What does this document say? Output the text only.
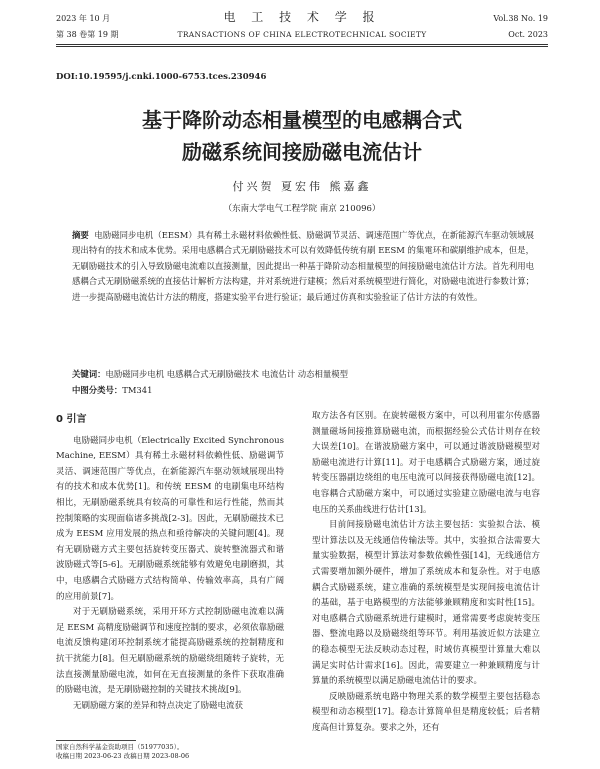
2023 年 10 月	电 工 技 术 学 报	Vol.38 No. 19
第 38 卷第 19 期	TRANSACTIONS OF CHINA ELECTROTECHNICAL SOCIETY	Oct. 2023
DOI:10.19595/j.cnki.1000-6753.tces.230946
基于降阶动态相量模型的电感耦合式
励磁系统间接励磁电流估计
付兴贺 夏宏伟 熊嘉鑫
（东南大学电气工程学院 南京 210096）
摘要 电励磁同步电机（EESM）具有稀土永磁材料依赖性低、励磁调节灵活、调速范围广等优点，在新能源汽车驱动领域展现出特有的技术和成本优势。采用电感耦合式无刷励磁技术可以有效降低传统有刷 EESM 的集電环和碳刷维护成本，但是，无刷励磁技术的引入导致励磁电流难以直接测量，因此提出一种基于降阶动态相量模型的间接励磁电流估计方法。首先利用电感耦合式无刷励磁系统的直接估计解析方法构建，并对系统进行建模；然后对系统模型进行简化，对励磁电流进行参数计算；进一步提高励磁电流估计方法的精度，搭建实验平台进行验证；最后通过仿真和实验验证了估计方法的有效性。
关键词：电励磁同步电机 电感耦合式无刷励磁技术 电流估计 动态相量模型
中图分类号：TM341
0 引言

电励磁同步电机（Electrically Excited Synchronous Machine, EESM）具有稀土永磁材料依赖性低、励磁调节灵活、调速范围广等优点，在新能源汽车驱动领域展现出特有的技术和成本优势[1]。和传统 EESM 的电刷集电环结构相比，无刷励磁系统具有较高的可靠性和运行性能，然而其控制策略的实现面临诸多挑战[2-3]。因此，无刷励磁技术已成为 EESM 应用发展的热点和亟待解决的关键问题[4]。现有无刷励磁方式主要包括旋转变压器式、旋转整流器式和谐波励磁式等[5-6]。无刷励磁系统能够有效避免电刷磨损，其中，电感耦合式励磁方式结构简单、传输效率高，具有广阔的应用前景[7]。

对于无刷励磁系统，采用开环方式控制励磁电流难以满足 EESM 高精度励磁调节和速度控制的要求，必须依靠励磁电流反馈构建闭环控制系统才能提高励磁系统的控制精度和抗干扰能力[8]。但无刷励磁系统的励磁绕组随转子旋转，无法直接测量励磁电流，如何在无直接测量的条件下获取准确的励磁电流，是无刷励磁控制的关键技术挑战[9]。

无刷励磁方案的差异和特点决定了励磁电流获

取方法各有区别。在旋转磁极方案中，可以利用霍尔传感器测量磁场间接推算励磁电流，而根据经验公式估计则存在较大误差[10]。在谐波励磁方案中，可以通过谐波励磁模型对励磁电流进行计算[11]。对于电感耦合式励磁方案，通过旋转变压器副边绕组的电压电流可以间接获得励磁电流[12]。电容耦合式励磁方案中，可以通过实验建立励磁电流与电容电压的关系曲线进行估计[13]。

目前间接励磁电流估计方法主要包括：实验拟合法、模型计算法以及无线通信传输法等。其中，实验拟合法需要大量实验数据，模型计算法对参数依赖性强[14]，无线通信方式需要增加额外硬件，增加了系统成本和复杂性。对于电感耦合式励磁系统，建立准确的系统模型是实现间接电流估计的基础，基于电路模型的方法能够兼顾精度和实时性[15]。对电感耦合式励磁系统进行建模时，通常需要考虑旋转变压器、整流电路以及励磁绕组等环节。利用基波近似方法建立的稳态模型无法反映动态过程，时域仿真模型计算量大难以满足实时估计需求[16]。因此，需要建立一种兼顾精度与计算量的系统模型以满足励磁电流估计的要求。

反映励磁系统电路中物理关系的数学模型主要包括稳态模型和动态模型[17]。稳态计算简单但是精度较低；后者精度高但计算复杂。要求之外，还有

国家自然科学基金资助项目（51977035）。
收稿日期 2023-06-23 改稿日期 2023-08-06
